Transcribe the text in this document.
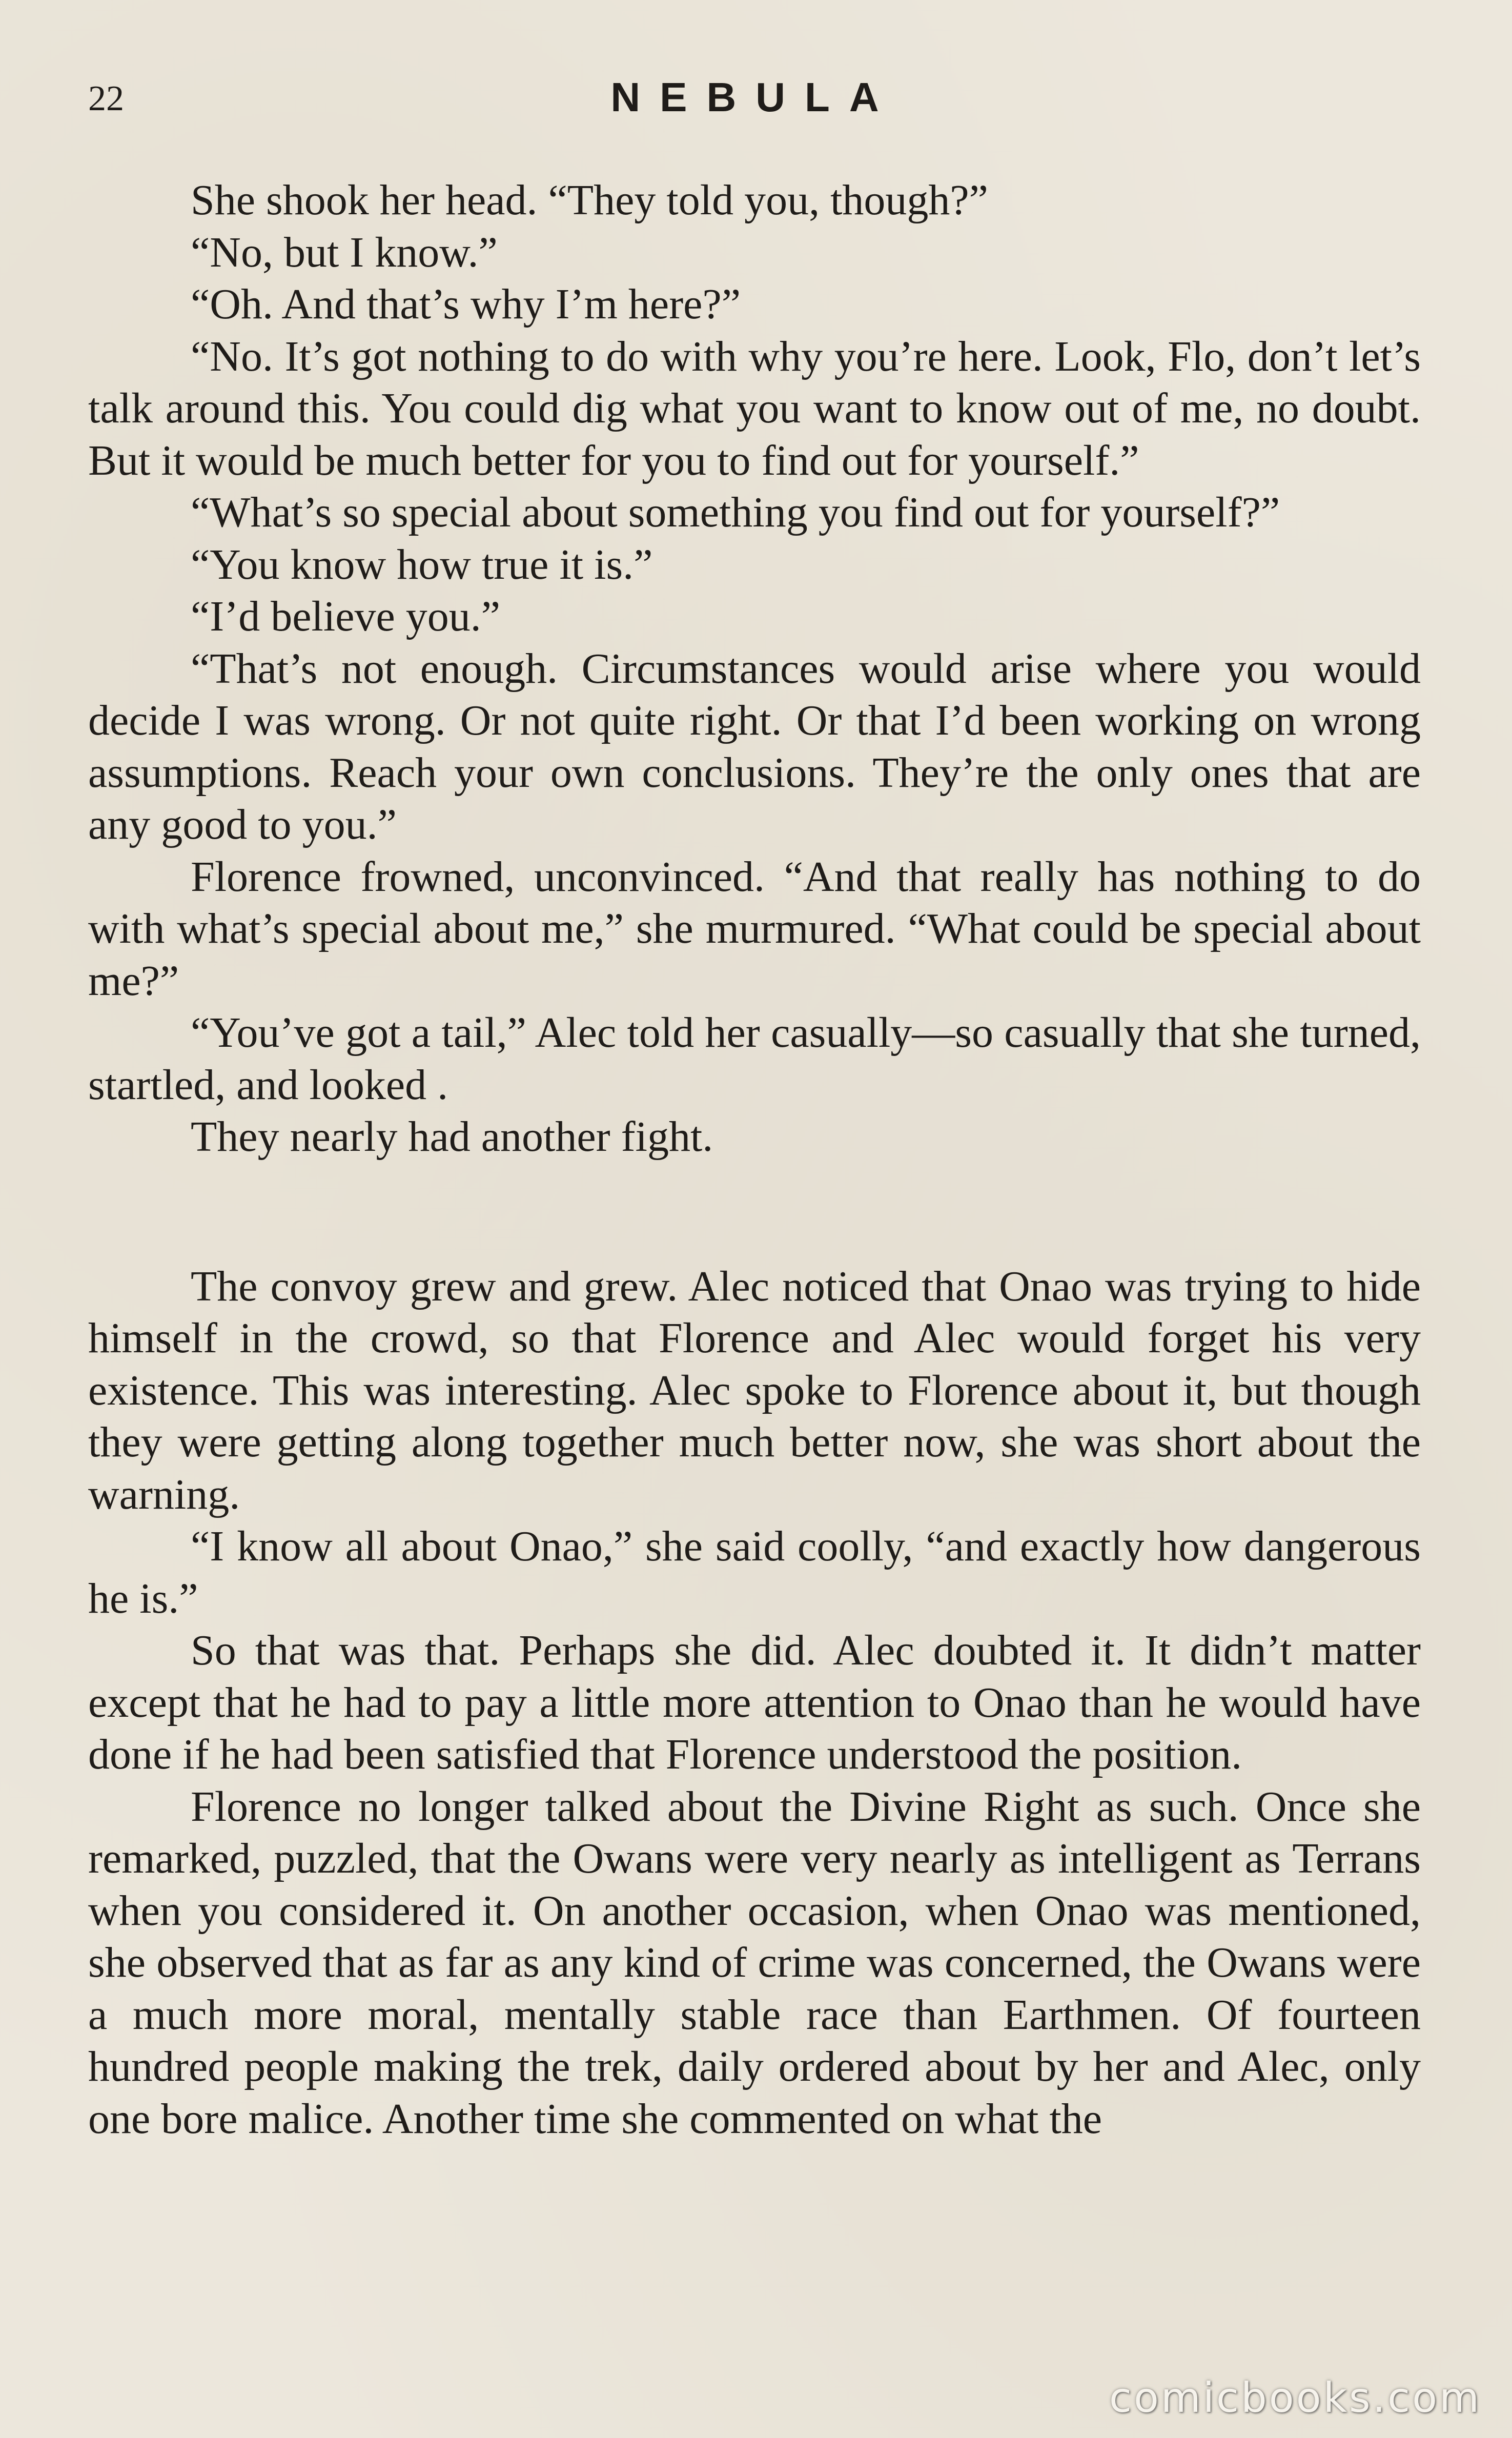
22	NEBULA

She shook her head. “They told you, though?”

“No, but I know.”

“Oh. And that’s why I’m here?”

“No. It’s got nothing to do with why you’re here. Look, Flo, don’t let’s talk around this. You could dig what you want to know out of me, no doubt. But it would be much better for you to find out for yourself.”

“What’s so special about something you find out for yourself?”

“You know how true it is.”

“I’d believe you.”

“That’s not enough. Circumstances would arise where you would decide I was wrong. Or not quite right. Or that I’d been working on wrong assumptions. Reach your own conclusions. They’re the only ones that are any good to you.”

Florence frowned, unconvinced. “And that really has nothing to do with what’s special about me,” she murmured. “What could be special about me?”

“You’ve got a tail,” Alec told her casually—so casually that she turned, startled, and looked .

They nearly had another fight.

The convoy grew and grew. Alec noticed that Onao was trying to hide himself in the crowd, so that Florence and Alec would forget his very existence. This was interesting. Alec spoke to Florence about it, but though they were getting along together much better now, she was short about the warning.

“I know all about Onao,” she said coolly, “and exactly how dangerous he is.”

So that was that. Perhaps she did. Alec doubted it. It didn’t matter except that he had to pay a little more attention to Onao than he would have done if he had been satisfied that Florence understood the position.

Florence no longer talked about the Divine Right as such. Once she remarked, puzzled, that the Owans were very nearly as intelligent as Terrans when you considered it. On another occasion, when Onao was mentioned, she observed that as far as any kind of crime was concerned, the Owans were a much more moral, mentally stable race than Earthmen. Of fourteen hundred people making the trek, daily ordered about by her and Alec, only one bore malice. Another time she commented on what the

comicbooks.com
